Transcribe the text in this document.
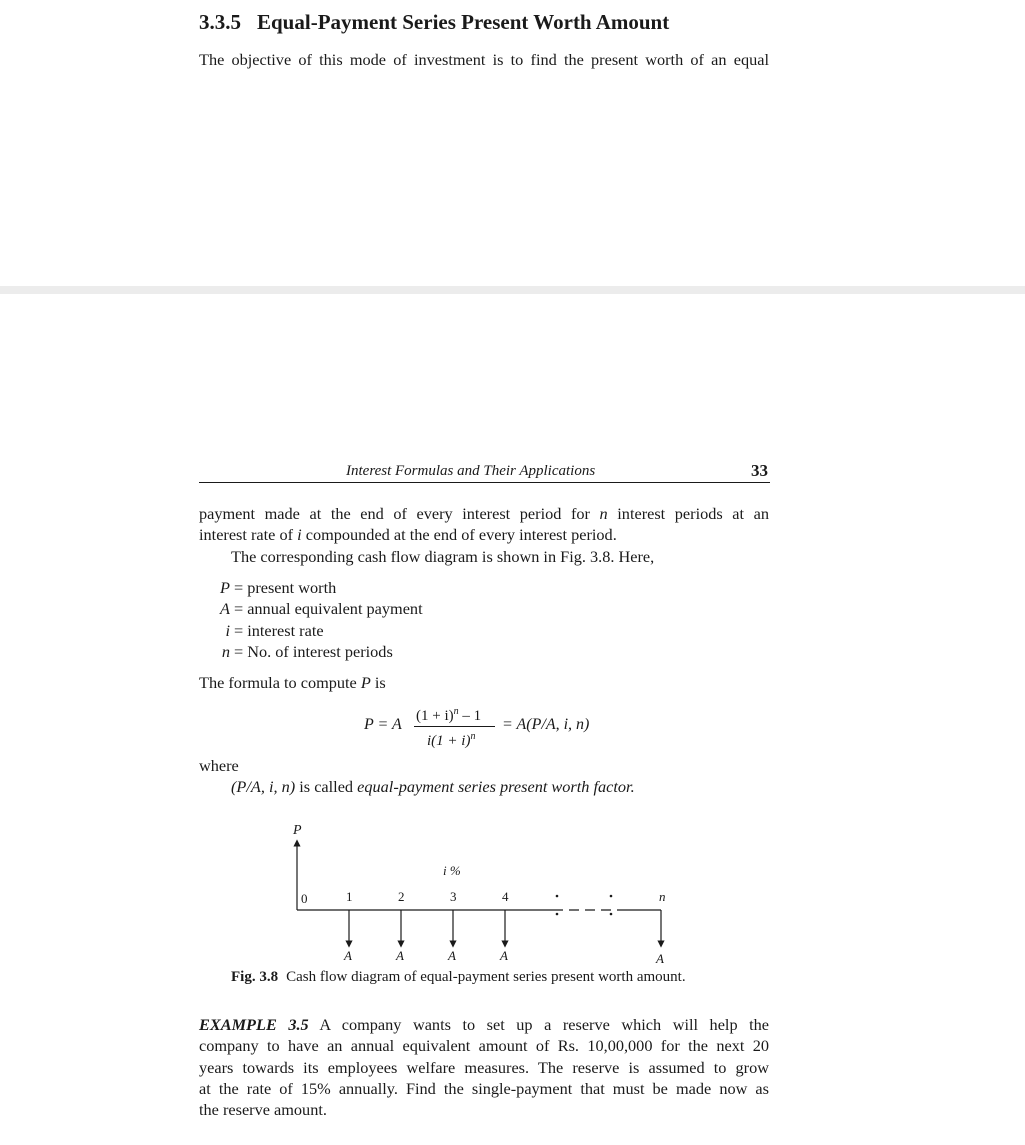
3.3.5 Equal-Payment Series Present Worth Amount
The objective of this mode of investment is to find the present worth of an equal
Interest Formulas and Their Applications	33
payment made at the end of every interest period for n interest periods at an
interest rate of i compounded at the end of every interest period.
The corresponding cash flow diagram is shown in Fig. 3.8. Here,
P = present worth
A = annual equivalent payment
i = interest rate
n = No. of interest periods
The formula to compute P is
P = A $(1 + i)^n - 1$
$i(1 + i)^n$
= A(P/A, i, n)
where
(P/A, i, n) is called equal-payment series present worth factor.
P
i %
0	1	2	3	4	n
A	A	A	A	A
Fig. 3.8 Cash flow diagram of equal-payment series present worth amount.
EXAMPLE 3.5 A company wants to set up a reserve which will help the
company to have an annual equivalent amount of Rs. 10,00,000 for the next 20
years towards its employees welfare measures. The reserve is assumed to grow
at the rate of 15% annually. Find the single-payment that must be made now as
the reserve amount.
